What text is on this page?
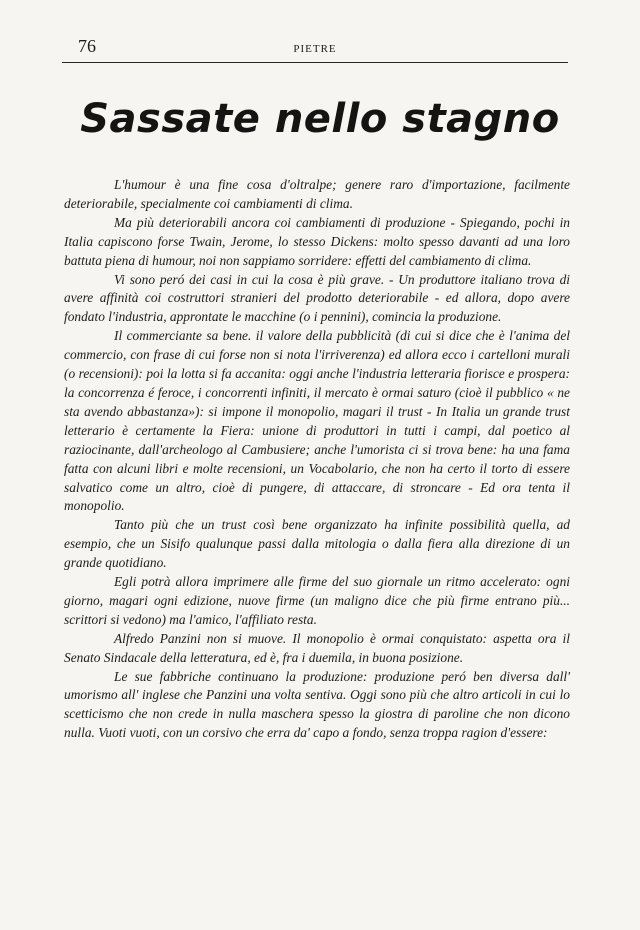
76	PIETRE
Sassate nello stagno

L'humour è una fine cosa d'oltralpe; genere raro d'importazione, facilmente deteriorabile, specialmente coi cambiamenti di clima.

Ma più deteriorabili ancora coi cambiamenti di produzione - Spiegando, pochi in Italia capiscono forse Twain, Jerome, lo stesso Dickens: molto spesso davanti ad una loro battuta piena di humour, noi non sappiamo sorridere: effetti del cambiamento di clima.

Vi sono peró dei casi in cui la cosa è più grave. - Un produttore italiano trova di avere affinità coi costruttori stranieri del prodotto deteriorabile - ed allora, dopo avere fondato l'industria, approntate le macchine (o i pennini), comincia la produzione.

Il commerciante sa bene. il valore della pubblicità (di cui si dice che è l'anima del commercio, con frase di cui forse non si nota l'irriverenza) ed allora ecco i cartelloni murali (o recensioni): poi la lotta si fa accanita: oggi anche l'industria letteraria fiorisce e prospera: la concorrenza é feroce, i concorrenti infiniti, il mercato è ormai saturo (cioè il pubblico « ne sta avendo abbastanza»): si impone il monopolio, magari il trust - In Italia un grande trust letterario è certamente la Fiera: unione di produttori in tutti i campi, dal poetico al raziocinante, dall'archeologo al Cambusiere; anche l'umorista ci si trova bene: ha una fama fatta con alcuni libri e molte recensioni, un Vocabolario, che non ha certo il torto di essere salvatico come un altro, cioè di pungere, di attaccare, di stroncare - Ed ora tenta il monopolio.

Tanto più che un trust così bene organizzato ha infinite possibilità quella, ad esempio, che un Sisifo qualunque passi dalla mitologia o dalla fiera alla direzione di un grande quotidiano.

Egli potrà allora imprimere alle firme del suo giornale un ritmo accelerato: ogni giorno, magari ogni edizione, nuove firme (un maligno dice che più firme entrano più... scrittori si vedono) ma l'amico, l'affiliato resta.

Alfredo Panzini non si muove. Il monopolio è ormai conquistato: aspetta ora il Senato Sindacale della letteratura, ed è, fra i duemila, in buona posizione.

Le sue fabbriche continuano la produzione: produzione peró ben diversa dall' umorismo all' inglese che Panzini una volta sentiva. Oggi sono più che altro articoli in cui lo scetticismo che non crede in nulla maschera spesso la giostra di paroline che non dicono nulla. Vuoti vuoti, con un corsivo che erra da' capo a fondo, senza troppa ragion d'essere:
